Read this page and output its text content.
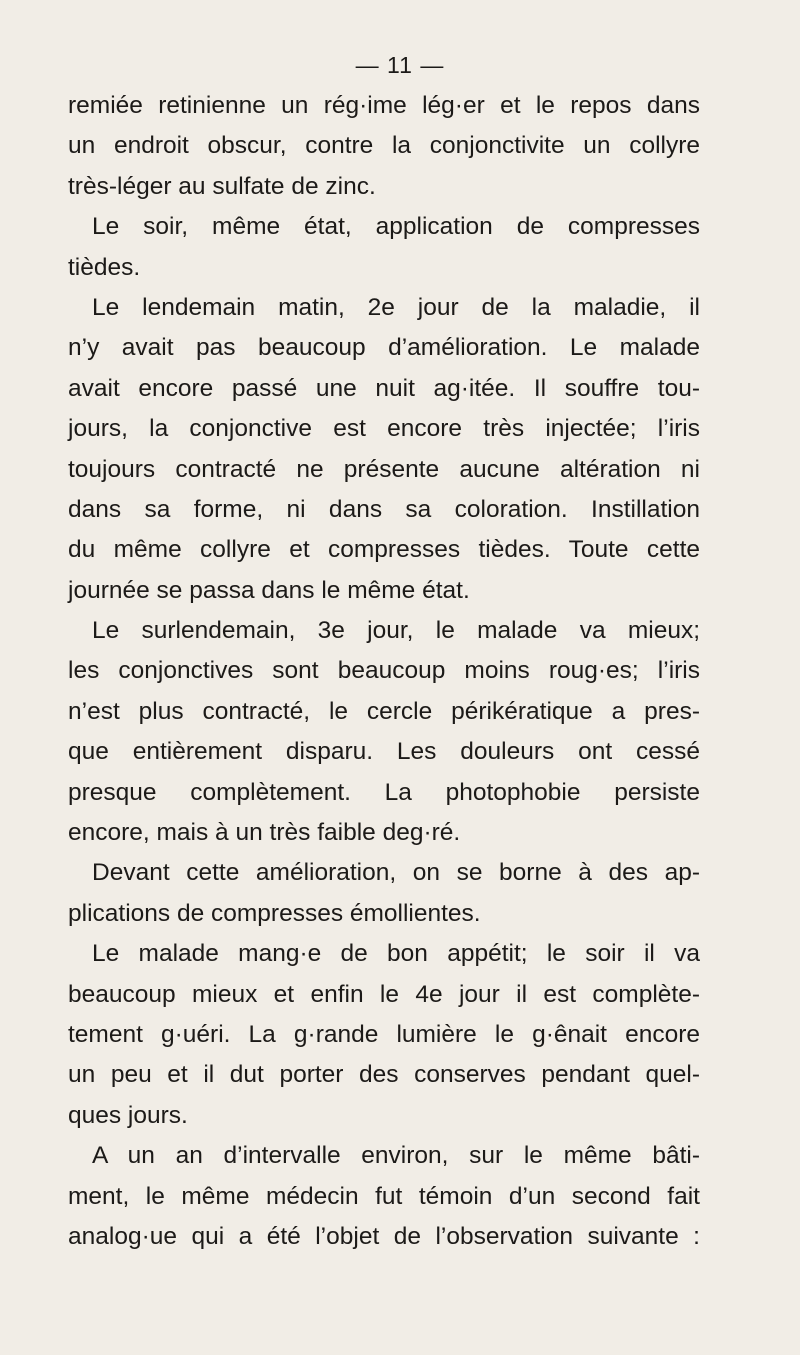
— 11 —
remiée retinienne un rég·ime lég·er et le repos dans
un endroit obscur, contre la conjonctivite un collyre
très-léger au sulfate de zinc.
Le soir, même état, application de compresses
tièdes.
Le lendemain matin, 2e jour de la maladie, il
n’y avait pas beaucoup d’amélioration. Le malade
avait encore passé une nuit ag·itée. Il souffre tou-
jours, la conjonctive est encore très injectée; l’iris
toujours contracté ne présente aucune altération ni
dans sa forme, ni dans sa coloration. Instillation
du même collyre et compresses tièdes. Toute cette
journée se passa dans le même état.
Le surlendemain, 3e jour, le malade va mieux;
les conjonctives sont beaucoup moins roug·es; l’iris
n’est plus contracté, le cercle périkératique a pres-
que entièrement disparu. Les douleurs ont cessé
presque complètement. La photophobie persiste
encore, mais à un très faible deg·ré.
Devant cette amélioration, on se borne à des ap-
plications de compresses émollientes.
Le malade mang·e de bon appétit; le soir il va
beaucoup mieux et enfin le 4e jour il est complète-
tement g·uéri. La g·rande lumière le g·ênait encore
un peu et il dut porter des conserves pendant quel-
ques jours.
A un an d’intervalle environ, sur le même bâti-
ment, le même médecin fut témoin d’un second fait
analog·ue qui a été l’objet de l’observation suivante :
